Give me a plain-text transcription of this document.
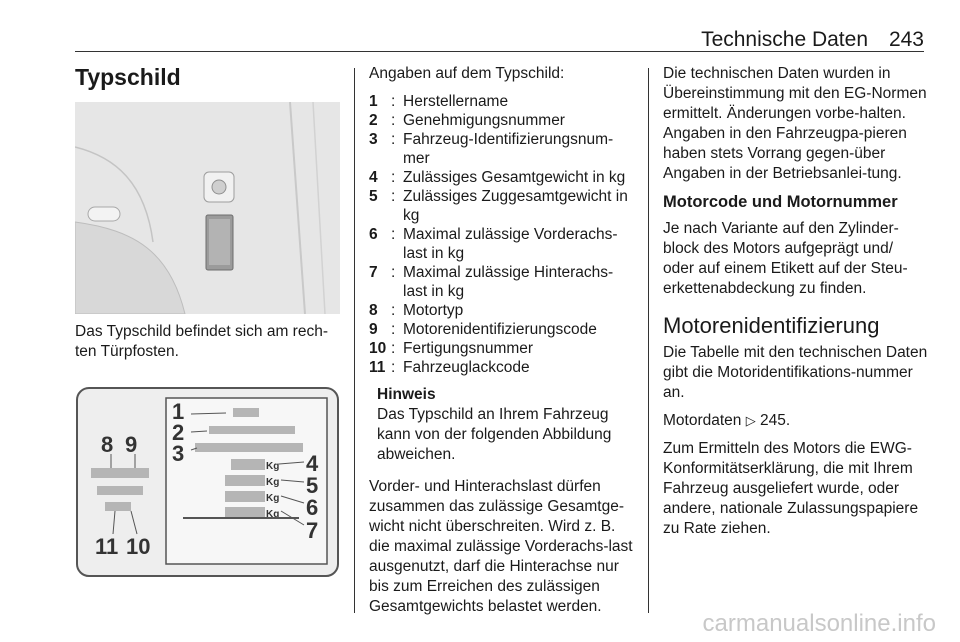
Technische Daten 243
Typschild

Das Typschild befindet sich am rech-ten Türpfosten.

Kg
Kg
Kg
Kg
1
2
3	4
5
6
7
8 9
10
11

Angaben auf dem Typschild:

1 : Herstellername
2 : Genehmigungsnummer
3 : Fahrzeug-Identifizierungsnum-mer
4 : Zulässiges Gesamtgewicht in kg
5 : Zulässiges Zuggesamtgewicht in kg
6 : Maximal zulässige Vorderachs-last in kg
7 : Maximal zulässige Hinterachs-last in kg
8 : Motortyp
9 : Motorenidentifizierungscode
10 : Fertigungsnummer
11 : Fahrzeuglackcode
Hinweis
Das Typschild an Ihrem Fahrzeug kann von der folgenden Abbildung abweichen.

Vorder- und Hinterachslast dürfen zusammen das zulässige Gesamtge-wicht nicht überschreiten. Wird z. B. die maximal zulässige Vorderachs-last ausgenutzt, darf die Hinterachse nur bis zum Erreichen des zulässigen Gesamtgewichts belastet werden.

Die technischen Daten wurden in Übereinstimmung mit den EG-Normen ermittelt. Änderungen vorbe-halten. Angaben in den Fahrzeugpa-pieren haben stets Vorrang gegen-über Angaben in der Betriebsanlei-tung.

Motorcode und Motornummer

Je nach Variante auf den Zylinder-block des Motors aufgeprägt und/ oder auf einem Etikett auf der Steu-erkettenabdeckung zu finden.

Motorenidentifizierung

Die Tabelle mit den technischen Daten gibt die Motoridentifikations-nummer an.

Motordaten ▷ 245.

Zum Ermitteln des Motors die EWG-Konformitätserklärung, die mit Ihrem Fahrzeug ausgeliefert wurde, oder andere, nationale Zulassungspapiere zu Rate ziehen.

carmanualsonline.info
